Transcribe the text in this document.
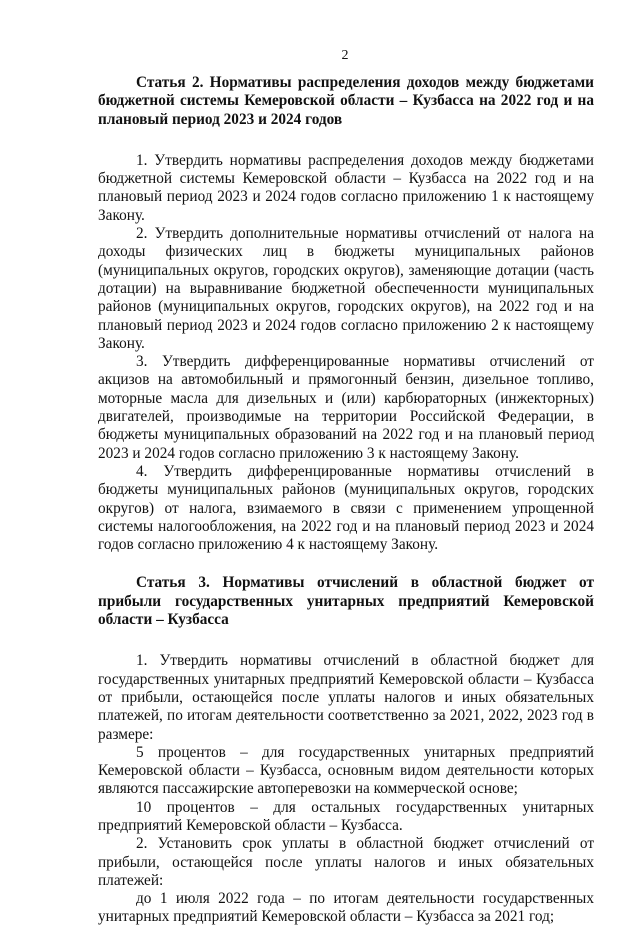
2

Статья 2. Нормативы распределения доходов между бюджетами бюджетной системы Кемеровской области – Кузбасса на 2022 год и на плановый период 2023 и 2024 годов

1. Утвердить нормативы распределения доходов между бюджетами бюджетной системы Кемеровской области – Кузбасса на 2022 год и на плановый период 2023 и 2024 годов согласно приложению 1 к настоящему Закону.

2. Утвердить дополнительные нормативы отчислений от налога на доходы физических лиц в бюджеты муниципальных районов (муниципальных округов, городских округов), заменяющие дотации (часть дотации) на выравнивание бюджетной обеспеченности муниципальных районов (муниципальных округов, городских округов), на 2022 год и на плановый период 2023 и 2024 годов согласно приложению 2 к настоящему Закону.

3. Утвердить дифференцированные нормативы отчислений от акцизов на автомобильный и прямогонный бензин, дизельное топливо, моторные масла для дизельных и (или) карбюраторных (инжекторных) двигателей, производимые на территории Российской Федерации, в бюджеты муниципальных образований на 2022 год и на плановый период 2023 и 2024 годов согласно приложению 3 к настоящему Закону.

4. Утвердить дифференцированные нормативы отчислений в бюджеты муниципальных районов (муниципальных округов, городских округов) от налога, взимаемого в связи с применением упрощенной системы налогообложения, на 2022 год и на плановый период 2023 и 2024 годов согласно приложению 4 к настоящему Закону.

Статья 3. Нормативы отчислений в областной бюджет от прибыли государственных унитарных предприятий Кемеровской области – Кузбасса

1. Утвердить нормативы отчислений в областной бюджет для государственных унитарных предприятий Кемеровской области – Кузбасса от прибыли, остающейся после уплаты налогов и иных обязательных платежей, по итогам деятельности соответственно за 2021, 2022, 2023 год в размере:

5 процентов – для государственных унитарных предприятий Кемеровской области – Кузбасса, основным видом деятельности которых являются пассажирские автоперевозки на коммерческой основе;

10 процентов – для остальных государственных унитарных предприятий Кемеровской области – Кузбасса.

2. Установить срок уплаты в областной бюджет отчислений от прибыли, остающейся после уплаты налогов и иных обязательных платежей:

до 1 июля 2022 года – по итогам деятельности государственных унитарных предприятий Кемеровской области – Кузбасса за 2021 год;
